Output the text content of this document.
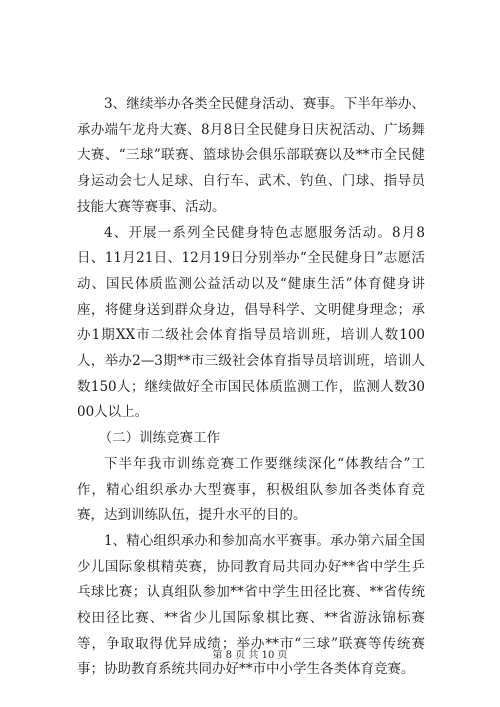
3、继续举办各类全民健身活动、赛事。下半年举办、承办端午龙舟大赛、8月8日全民健身日庆祝活动、广场舞大赛、“三球”联赛、篮球协会俱乐部联赛以及**市全民健身运动会七人足球、自行车、武术、钓鱼、门球、指导员技能大赛等赛事、活动。

4、开展一系列全民健身特色志愿服务活动。8月8日、11月21日、12月19日分别举办“全民健身日”志愿活动、国民体质监测公益活动以及“健康生活”体育健身讲座，将健身送到群众身边，倡导科学、文明健身理念；承办1期XX市二级社会体育指导员培训班，培训人数100人，举办2—3期**市三级社会体育指导员培训班，培训人数150人；继续做好全市国民体质监测工作，监测人数3000人以上。

（二）训练竞赛工作

下半年我市训练竞赛工作要继续深化“体教结合”工作，精心组织承办大型赛事，积极组队参加各类体育竞赛，达到训练队伍，提升水平的目的。

1、精心组织承办和参加高水平赛事。承办第六届全国少儿国际象棋精英赛，协同教育局共同办好**省中学生乒乓球比赛；认真组队参加**省中学生田径比赛、**省传统校田径比赛、**省少儿国际象棋比赛、**省游泳锦标赛等，争取取得优异成绩；举办**市“三球”联赛等传统赛事；协助教育系统共同办好**市中小学生各类体育竞赛。

第 8 页 共 10 页
